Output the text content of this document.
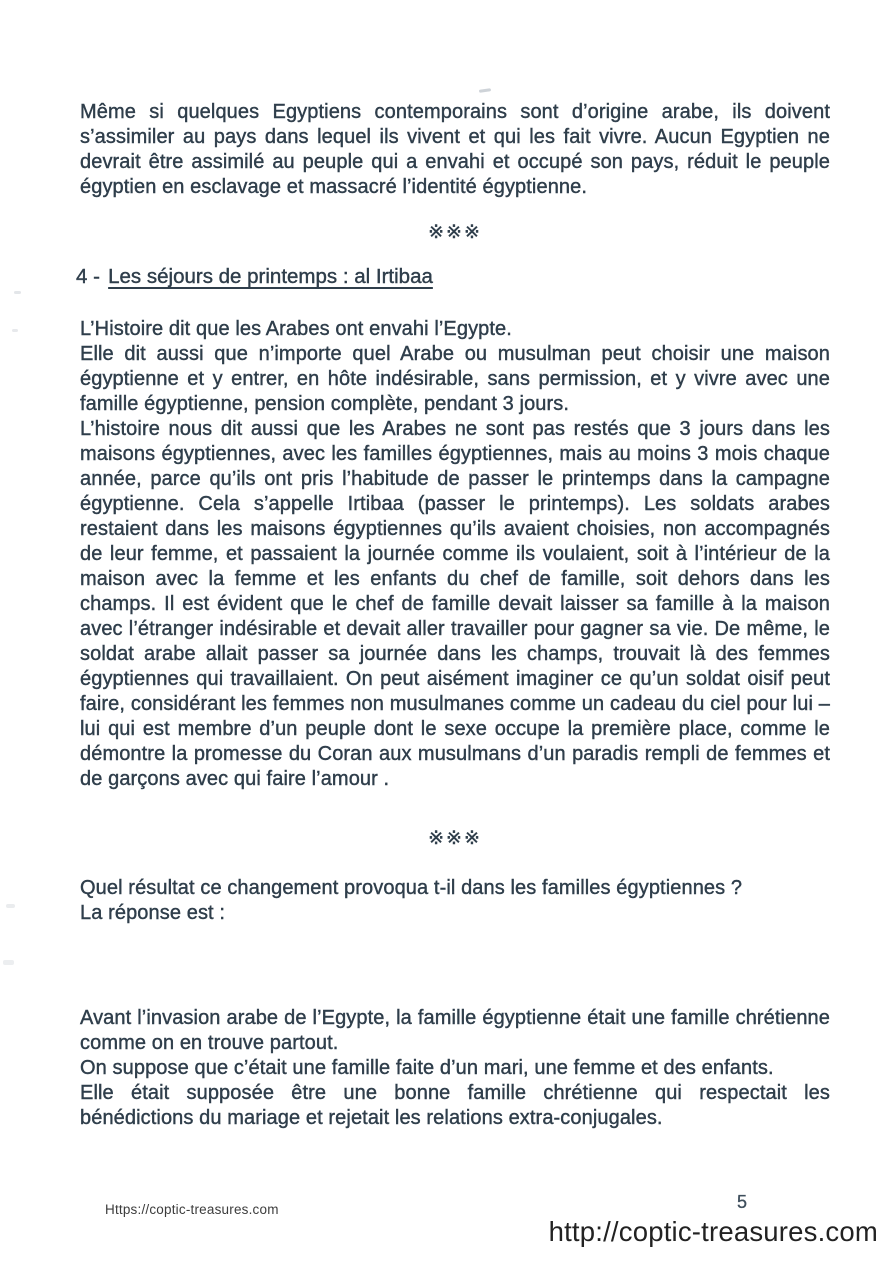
Même si quelques Egyptiens contemporains sont d’origine arabe, ils doivent s’assimiler au pays dans lequel ils vivent et qui les fait vivre. Aucun Egyptien ne devrait être assimilé au peuple qui a envahi et occupé son pays, réduit le peuple égyptien en esclavage et massacré l’identité égyptienne.

※※※
4 - Les séjours de printemps : al Irtibaa

L’Histoire dit que les Arabes ont envahi l’Egypte.

Elle dit aussi que n’importe quel Arabe ou musulman peut choisir une maison égyptienne et y entrer, en hôte indésirable, sans permission, et y vivre avec une famille égyptienne, pension complète, pendant 3 jours.

L’histoire nous dit aussi que les Arabes ne sont pas restés que 3 jours dans les maisons égyptiennes, avec les familles égyptiennes, mais au moins 3 mois chaque année, parce qu’ils ont pris l’habitude de passer le printemps dans la campagne égyptienne. Cela s’appelle Irtibaa (passer le printemps). Les soldats arabes restaient dans les maisons égyptiennes qu’ils avaient choisies, non accompagnés de leur femme, et passaient la journée comme ils voulaient, soit à l’intérieur de la maison avec la femme et les enfants du chef de famille, soit dehors dans les champs. Il est évident que le chef de famille devait laisser sa famille à la maison avec l’étranger indésirable et devait aller travailler pour gagner sa vie. De même, le soldat arabe allait passer sa journée dans les champs, trouvait là des femmes égyptiennes qui travaillaient. On peut aisément imaginer ce qu’un soldat oisif peut faire, considérant les femmes non musulmanes comme un cadeau du ciel pour lui – lui qui est membre d’un peuple dont le sexe occupe la première place, comme le démontre la promesse du Coran aux musulmans d’un paradis rempli de femmes et de garçons avec qui faire l’amour .

※※※

Quel résultat ce changement provoqua t-il dans les familles égyptiennes ?

La réponse est :

Avant l’invasion arabe de l’Egypte, la famille égyptienne était une famille chrétienne comme on en trouve partout.

On suppose que c’était une famille faite d’un mari, une femme et des enfants.

Elle était supposée être une bonne famille chrétienne qui respectait les bénédictions du mariage et rejetait les relations extra-conjugales.

Https://coptic-treasures.com	5
http://coptic-treasures.com
